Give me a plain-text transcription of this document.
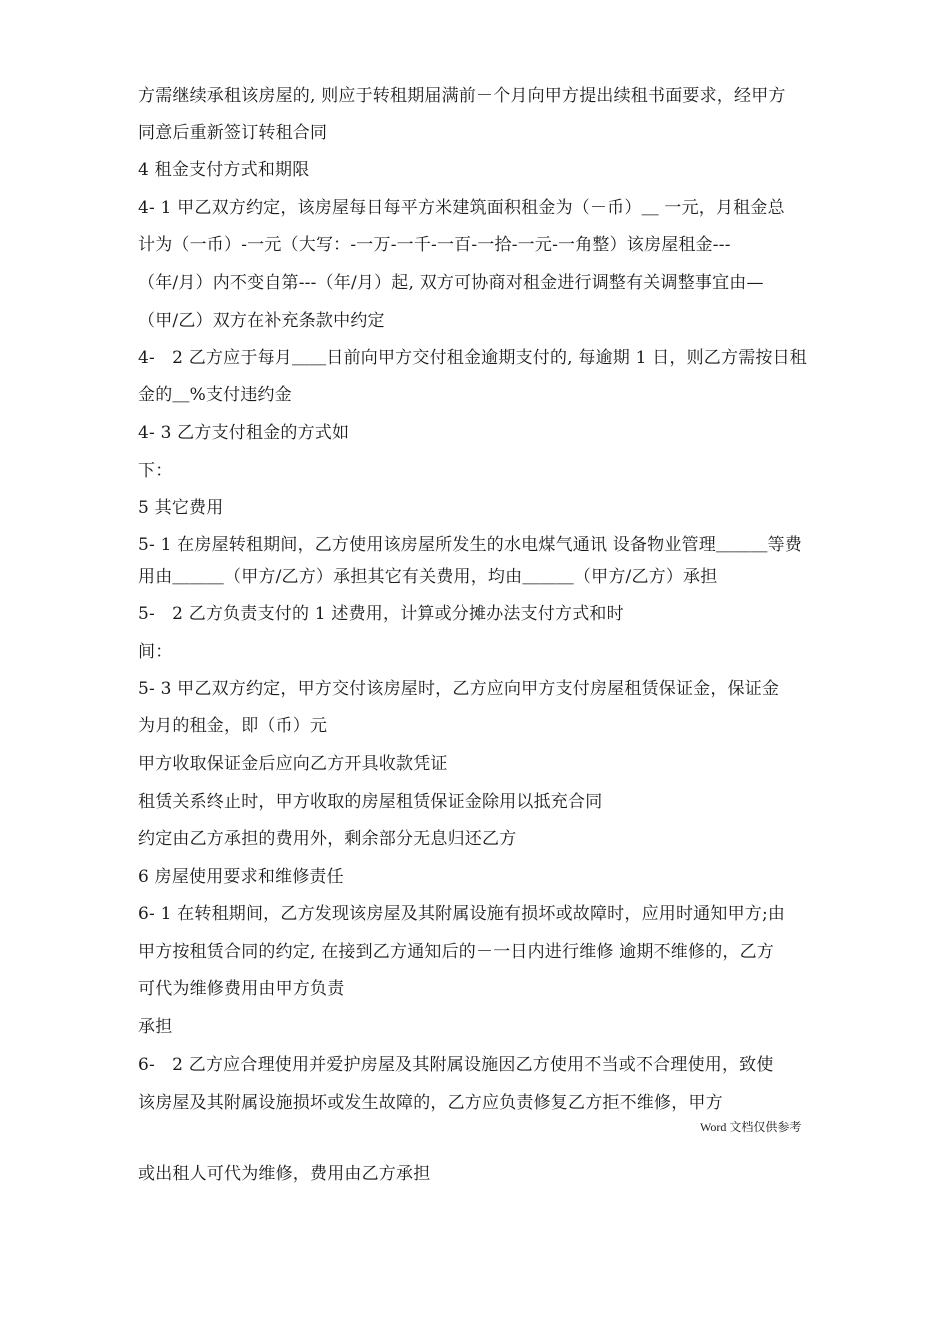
方需继续承租该房屋的, 则应于转租期届满前－个月向甲方提出续租书面要求，经甲方
同意后重新签订转租合同
4 租金支付方式和期限
4- 1 甲乙双方约定，该房屋每日每平方米建筑面积租金为（－币）＿ 一元，月租金总
计为（一币）-一元（大写：-一万-一千-一百-一拾-一元-一角整）该房屋租金---
（年/月）内不变自第---（年/月）起, 双方可协商对租金进行调整有关调整事宜由—
（甲/乙）双方在补充条款中约定
4-　2 乙方应于每月＿＿日前向甲方交付租金逾期支付的, 每逾期 1 日，则乙方需按日租
金的＿%支付违约金
4- 3 乙方支付租金的方式如
下：
5 其它费用
5- 1 在房屋转租期间，乙方使用该房屋所发生的水电煤气通讯 设备物业管理＿＿＿等费
用由＿＿＿（甲方/乙方）承担其它有关费用，均由＿＿＿（甲方/乙方）承担
5-　2 乙方负责支付的 1 述费用，计算或分摊办法支付方式和时
间：
5- 3 甲乙双方约定，甲方交付该房屋时，乙方应向甲方支付房屋租赁保证金，保证金
为月的租金，即（币）元
甲方收取保证金后应向乙方开具收款凭证
租赁关系终止时，甲方收取的房屋租赁保证金除用以抵充合同
约定由乙方承担的费用外，剩余部分无息归还乙方
6 房屋使用要求和维修责任
6- 1 在转租期间，乙方发现该房屋及其附属设施有损坏或故障时，应用时通知甲方;由
甲方按租赁合同的约定, 在接到乙方通知后的－一日内进行维修 逾期不维修的，乙方
可代为维修费用由甲方负责
承担
6-　2 乙方应合理使用并爱护房屋及其附属设施因乙方使用不当或不合理使用，致使
该房屋及其附属设施损坏或发生故障的，乙方应负责修复乙方拒不维修，甲方
Word 文档仅供参考
或出租人可代为维修，费用由乙方承担
